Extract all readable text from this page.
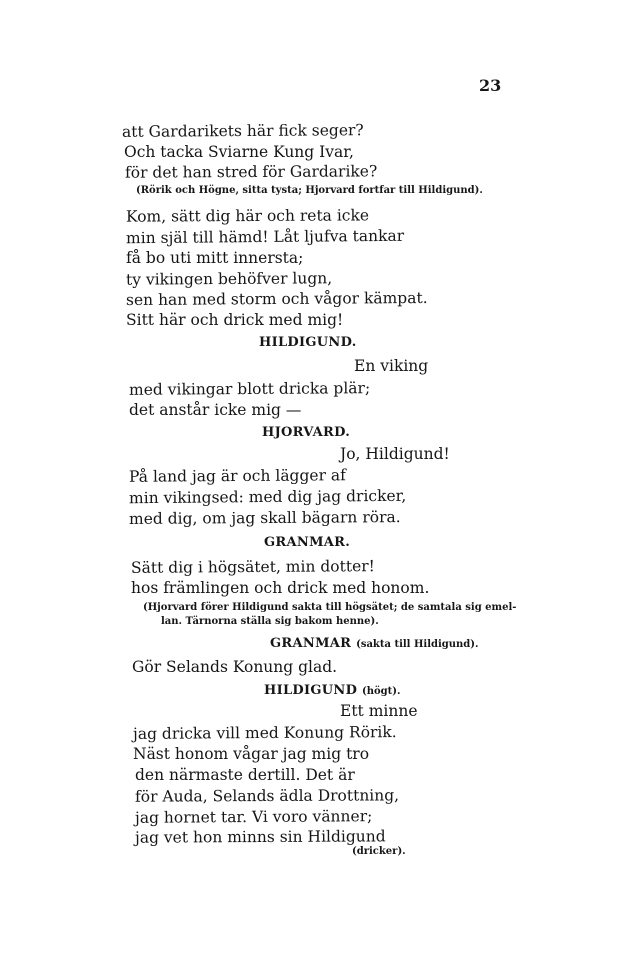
23
att Gardarikets här fick seger?
Och tacka Sviarne Kung Ivar,
för det han stred för Gardarike?
(Rörik och Högne, sitta tysta; Hjorvard fortfar till Hildigund).
Kom, sätt dig här och reta icke
min själ till hämd! Låt ljufva tankar
få bo uti mitt innersta;
ty vikingen behöfver lugn,
sen han med storm och vågor kämpat.
Sitt här och drick med mig!
HILDIGUND.
En viking
med vikingar blott dricka plär;
det anstår icke mig —
HJORVARD.
Jo, Hildigund!
På land jag är och lägger af
min vikingsed: med dig jag dricker,
med dig, om jag skall bägarn röra.
GRANMAR.
Sätt dig i högsätet, min dotter!
hos främlingen och drick med honom.
(Hjorvard förer Hildigund sakta till högsätet; de samtala sig emel-
lan. Tärnorna ställa sig bakom henne).
GRANMAR (sakta till Hildigund).
Gör Selands Konung glad.
HILDIGUND (högt).
Ett minne
jag dricka vill med Konung Rörik.
Näst honom vågar jag mig tro
den närmaste dertill. Det är
för Auda, Selands ädla Drottning,
jag hornet tar. Vi voro vänner;
jag vet hon minns sin Hildigund
(dricker).
